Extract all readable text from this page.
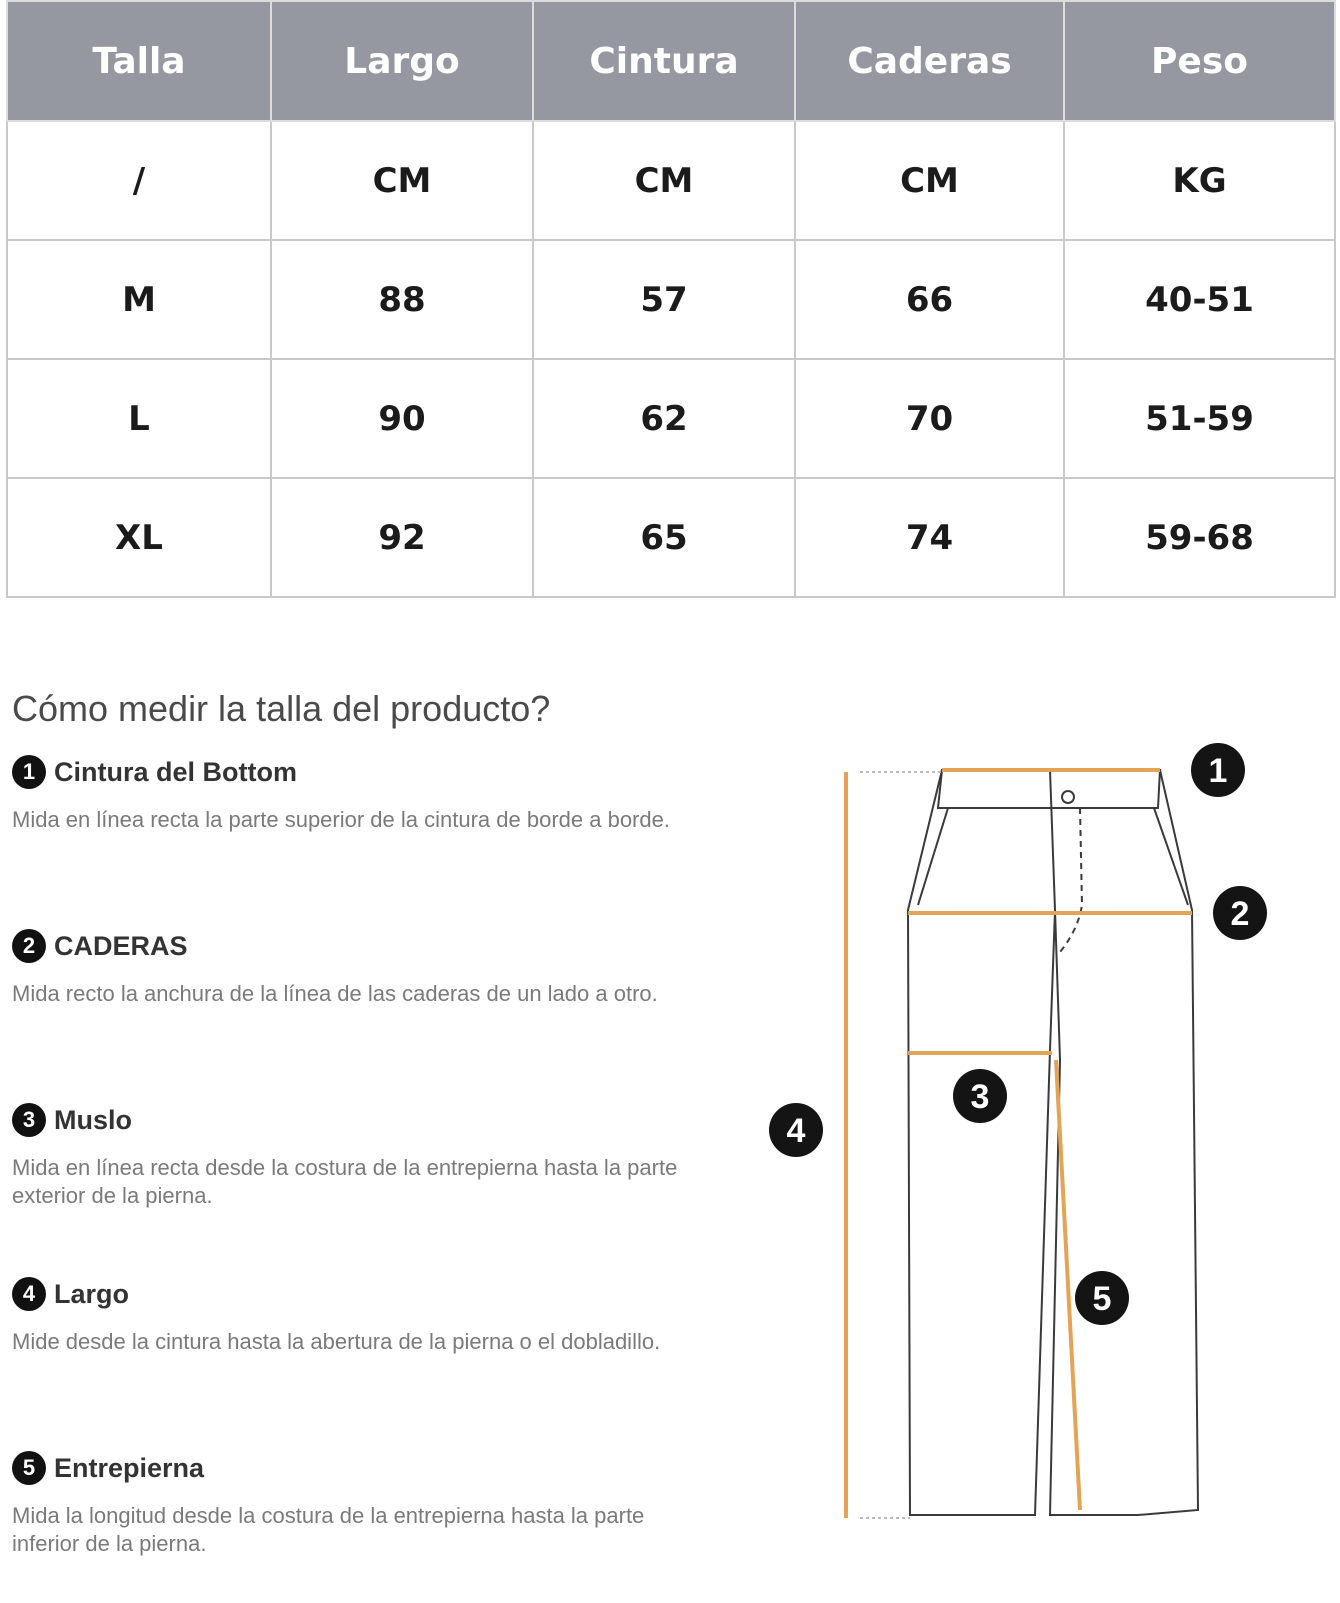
Talla	Largo	Cintura	Caderas	Peso
/	CM	CM	CM	KG
M	88	57	66	40-51
L	90	62	70	51-59
XL	92	65	74	59-68
Cómo medir la talla del producto?
1 Cintura del Bottom

Mida en línea recta la parte superior de la cintura de borde a borde.

2 CADERAS

Mida recto la anchura de la línea de las caderas de un lado a otro.

3 Muslo

Mida en línea recta desde la costura de la entrepierna hasta la parte exterior de la pierna.

4 Largo

Mide desde la cintura hasta la abertura de la pierna o el dobladillo.

5 Entrepierna

Mida la longitud desde la costura de la entrepierna hasta la parte inferior de la pierna.

1
2
3
4
5
